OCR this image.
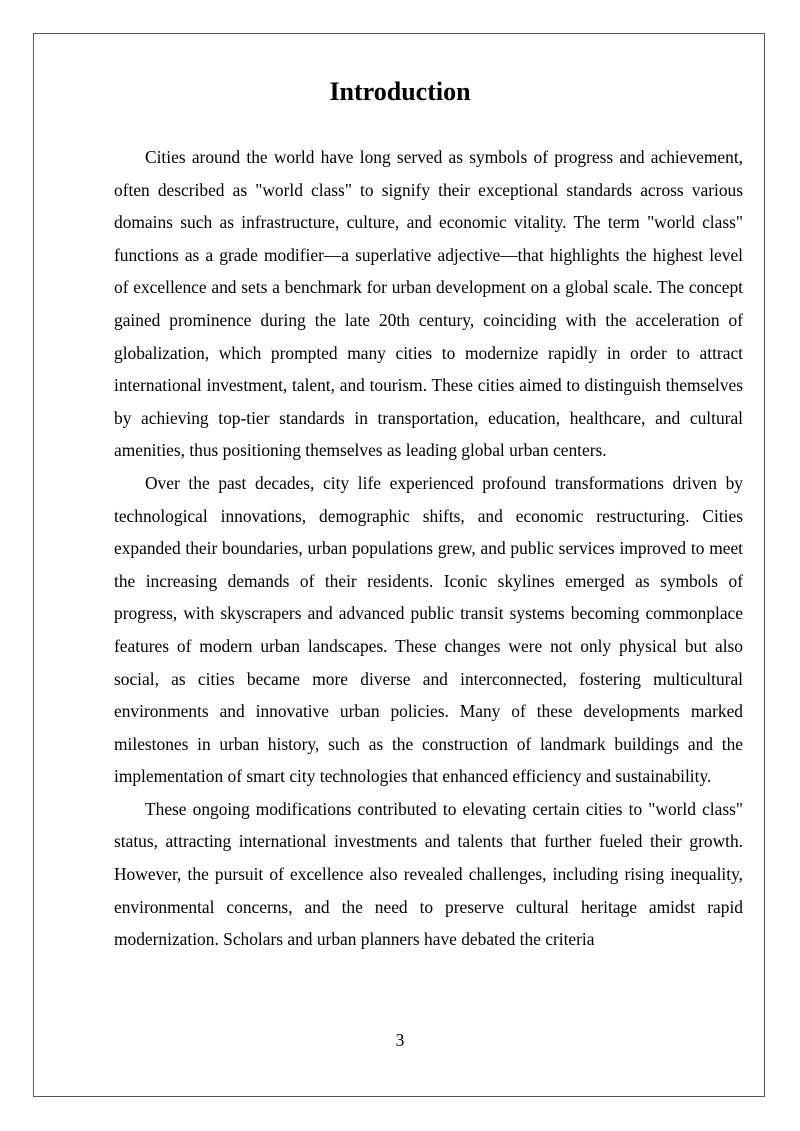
Introduction

Cities around the world have long served as symbols of progress and achievement, often described as "world class" to signify their exceptional standards across various domains such as infrastructure, culture, and economic vitality. The term "world class" functions as a grade modifier—a superlative adjective—that highlights the highest level of excellence and sets a benchmark for urban development on a global scale. The concept gained prominence during the late 20th century, coinciding with the acceleration of globalization, which prompted many cities to modernize rapidly in order to attract international investment, talent, and tourism. These cities aimed to distinguish themselves by achieving top-tier standards in transportation, education, healthcare, and cultural amenities, thus positioning themselves as leading global urban centers.

Over the past decades, city life experienced profound transformations driven by technological innovations, demographic shifts, and economic restructuring. Cities expanded their boundaries, urban populations grew, and public services improved to meet the increasing demands of their residents. Iconic skylines emerged as symbols of progress, with skyscrapers and advanced public transit systems becoming commonplace features of modern urban landscapes. These changes were not only physical but also social, as cities became more diverse and interconnected, fostering multicultural environments and innovative urban policies. Many of these developments marked milestones in urban history, such as the construction of landmark buildings and the implementation of smart city technologies that enhanced efficiency and sustainability.

These ongoing modifications contributed to elevating certain cities to "world class" status, attracting international investments and talents that further fueled their growth. However, the pursuit of excellence also revealed challenges, including rising inequality, environmental concerns, and the need to preserve cultural heritage amidst rapid modernization. Scholars and urban planners have debated the criteria

3
